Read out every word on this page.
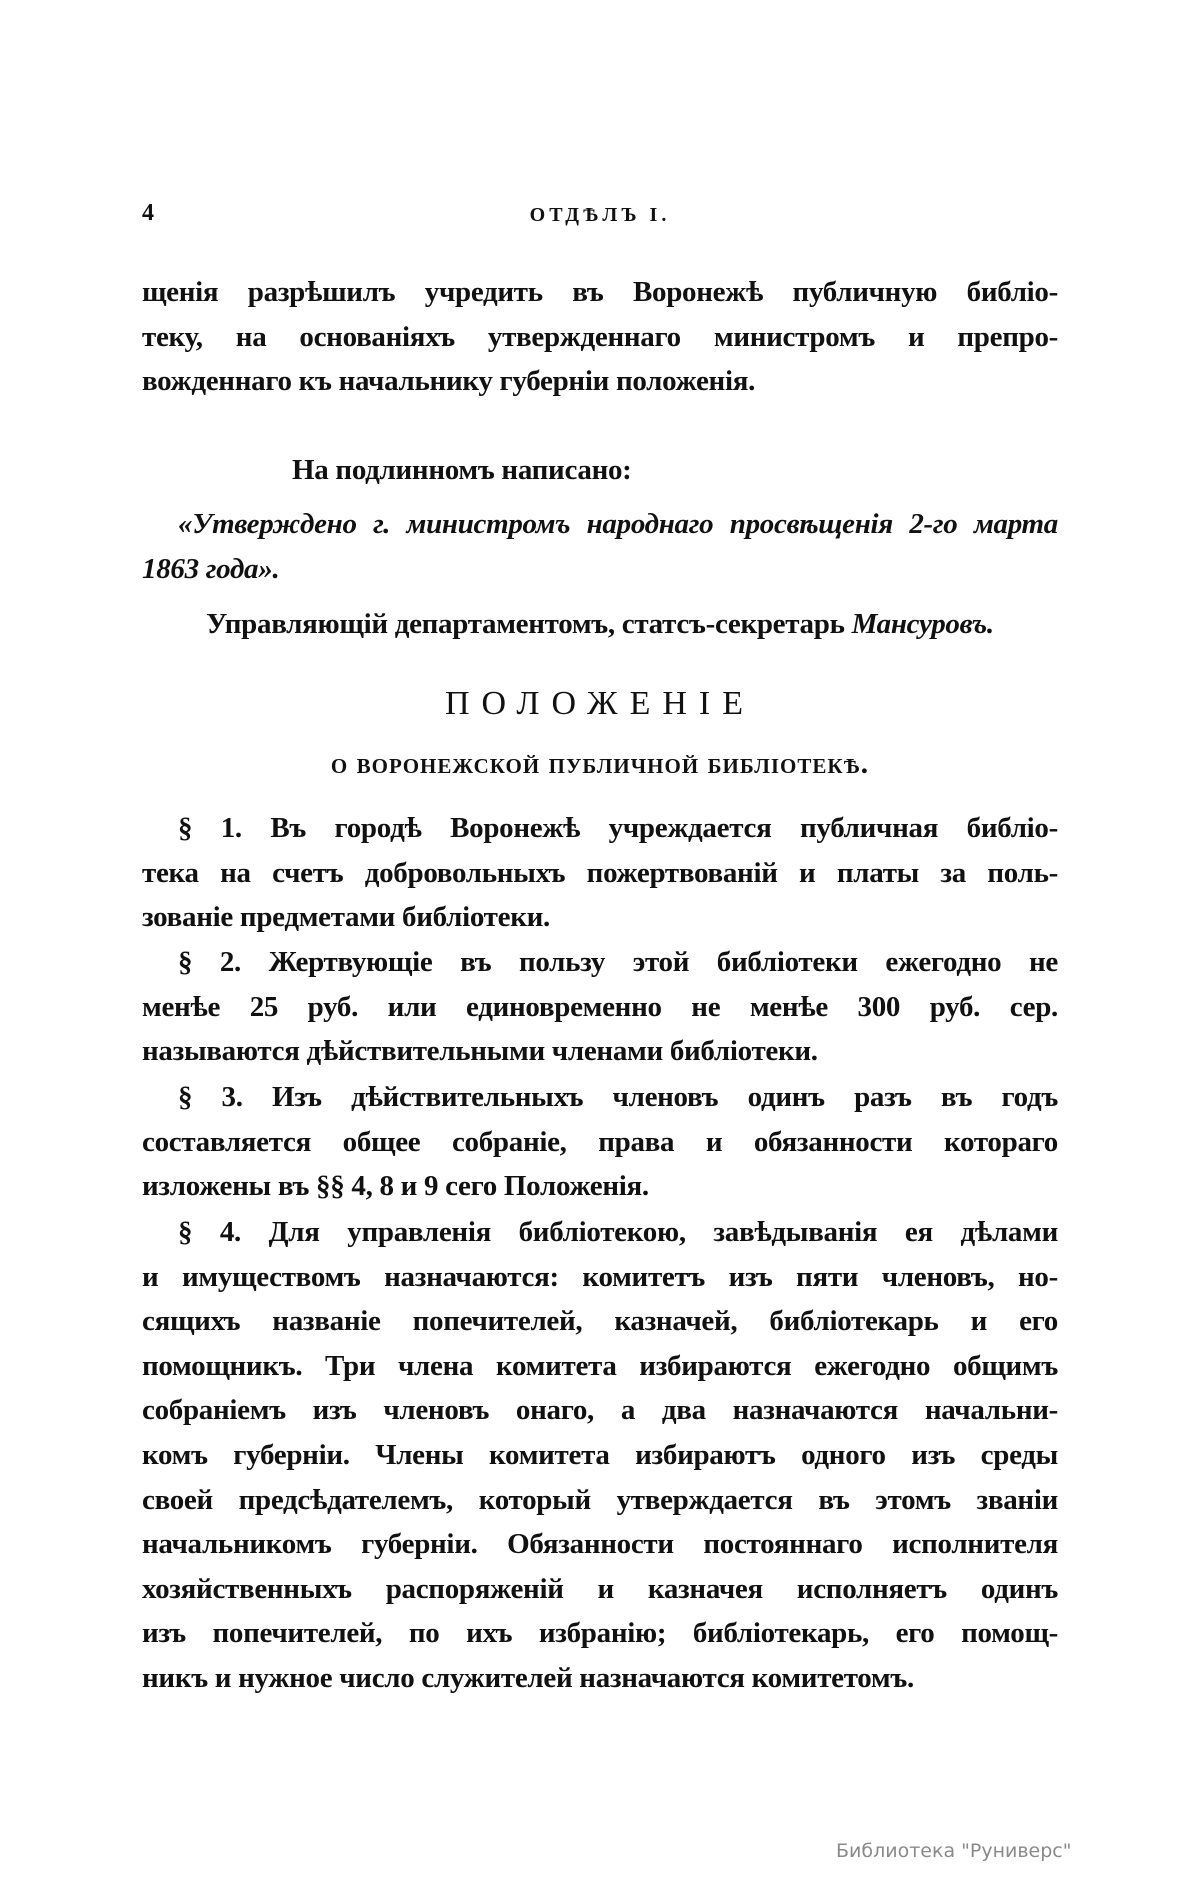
4	ОТДѢЛЪ I.
щенія разрѣшилъ учредить въ Воронежѣ публичную библіо-
теку, на основаніяхъ утвержденнаго министромъ и препро-
вожденнаго къ начальнику губерніи положенія.
На подлинномъ написано:
«Утверждено г. министромъ народнаго просвѣщенія 2-го марта
1863 года».
Управляющій департаментомъ, статсъ-секретарь Мансуровъ.
ПОЛОЖЕНІЕ
о воронежской публичной библіотекѣ.
§ 1. Въ городѣ Воронежѣ учреждается публичная библіо-
тека на счетъ добровольныхъ пожертвованій и платы за поль-
зованіе предметами библіотеки.
§ 2. Жертвующіе въ пользу этой библіотеки ежегодно не
менѣе 25 руб. или единовременно не менѣе 300 руб. сер.
называются дѣйствительными членами библіотеки.
§ 3. Изъ дѣйствительныхъ членовъ одинъ разъ въ годъ
составляется общее собраніе, права и обязанности котораго
изложены въ §§ 4, 8 и 9 сего Положенія.
§ 4. Для управленія библіотекою, завѣдыванія ея дѣлами
и имуществомъ назначаются: комитетъ изъ пяти членовъ, но-
сящихъ названіе попечителей, казначей, библіотекарь и его
помощникъ. Три члена комитета избираются ежегодно общимъ
собраніемъ изъ членовъ онаго, а два назначаются начальни-
комъ губерніи. Члены комитета избираютъ одного изъ среды
своей предсѣдателемъ, который утверждается въ этомъ званіи
начальникомъ губерніи. Обязанности постояннаго исполнителя
хозяйственныхъ распоряженій и казначея исполняетъ одинъ
изъ попечителей, по ихъ избранію; библіотекарь, его помощ-
никъ и нужное число служителей назначаются комитетомъ.
Библиотека "Руниверс"
